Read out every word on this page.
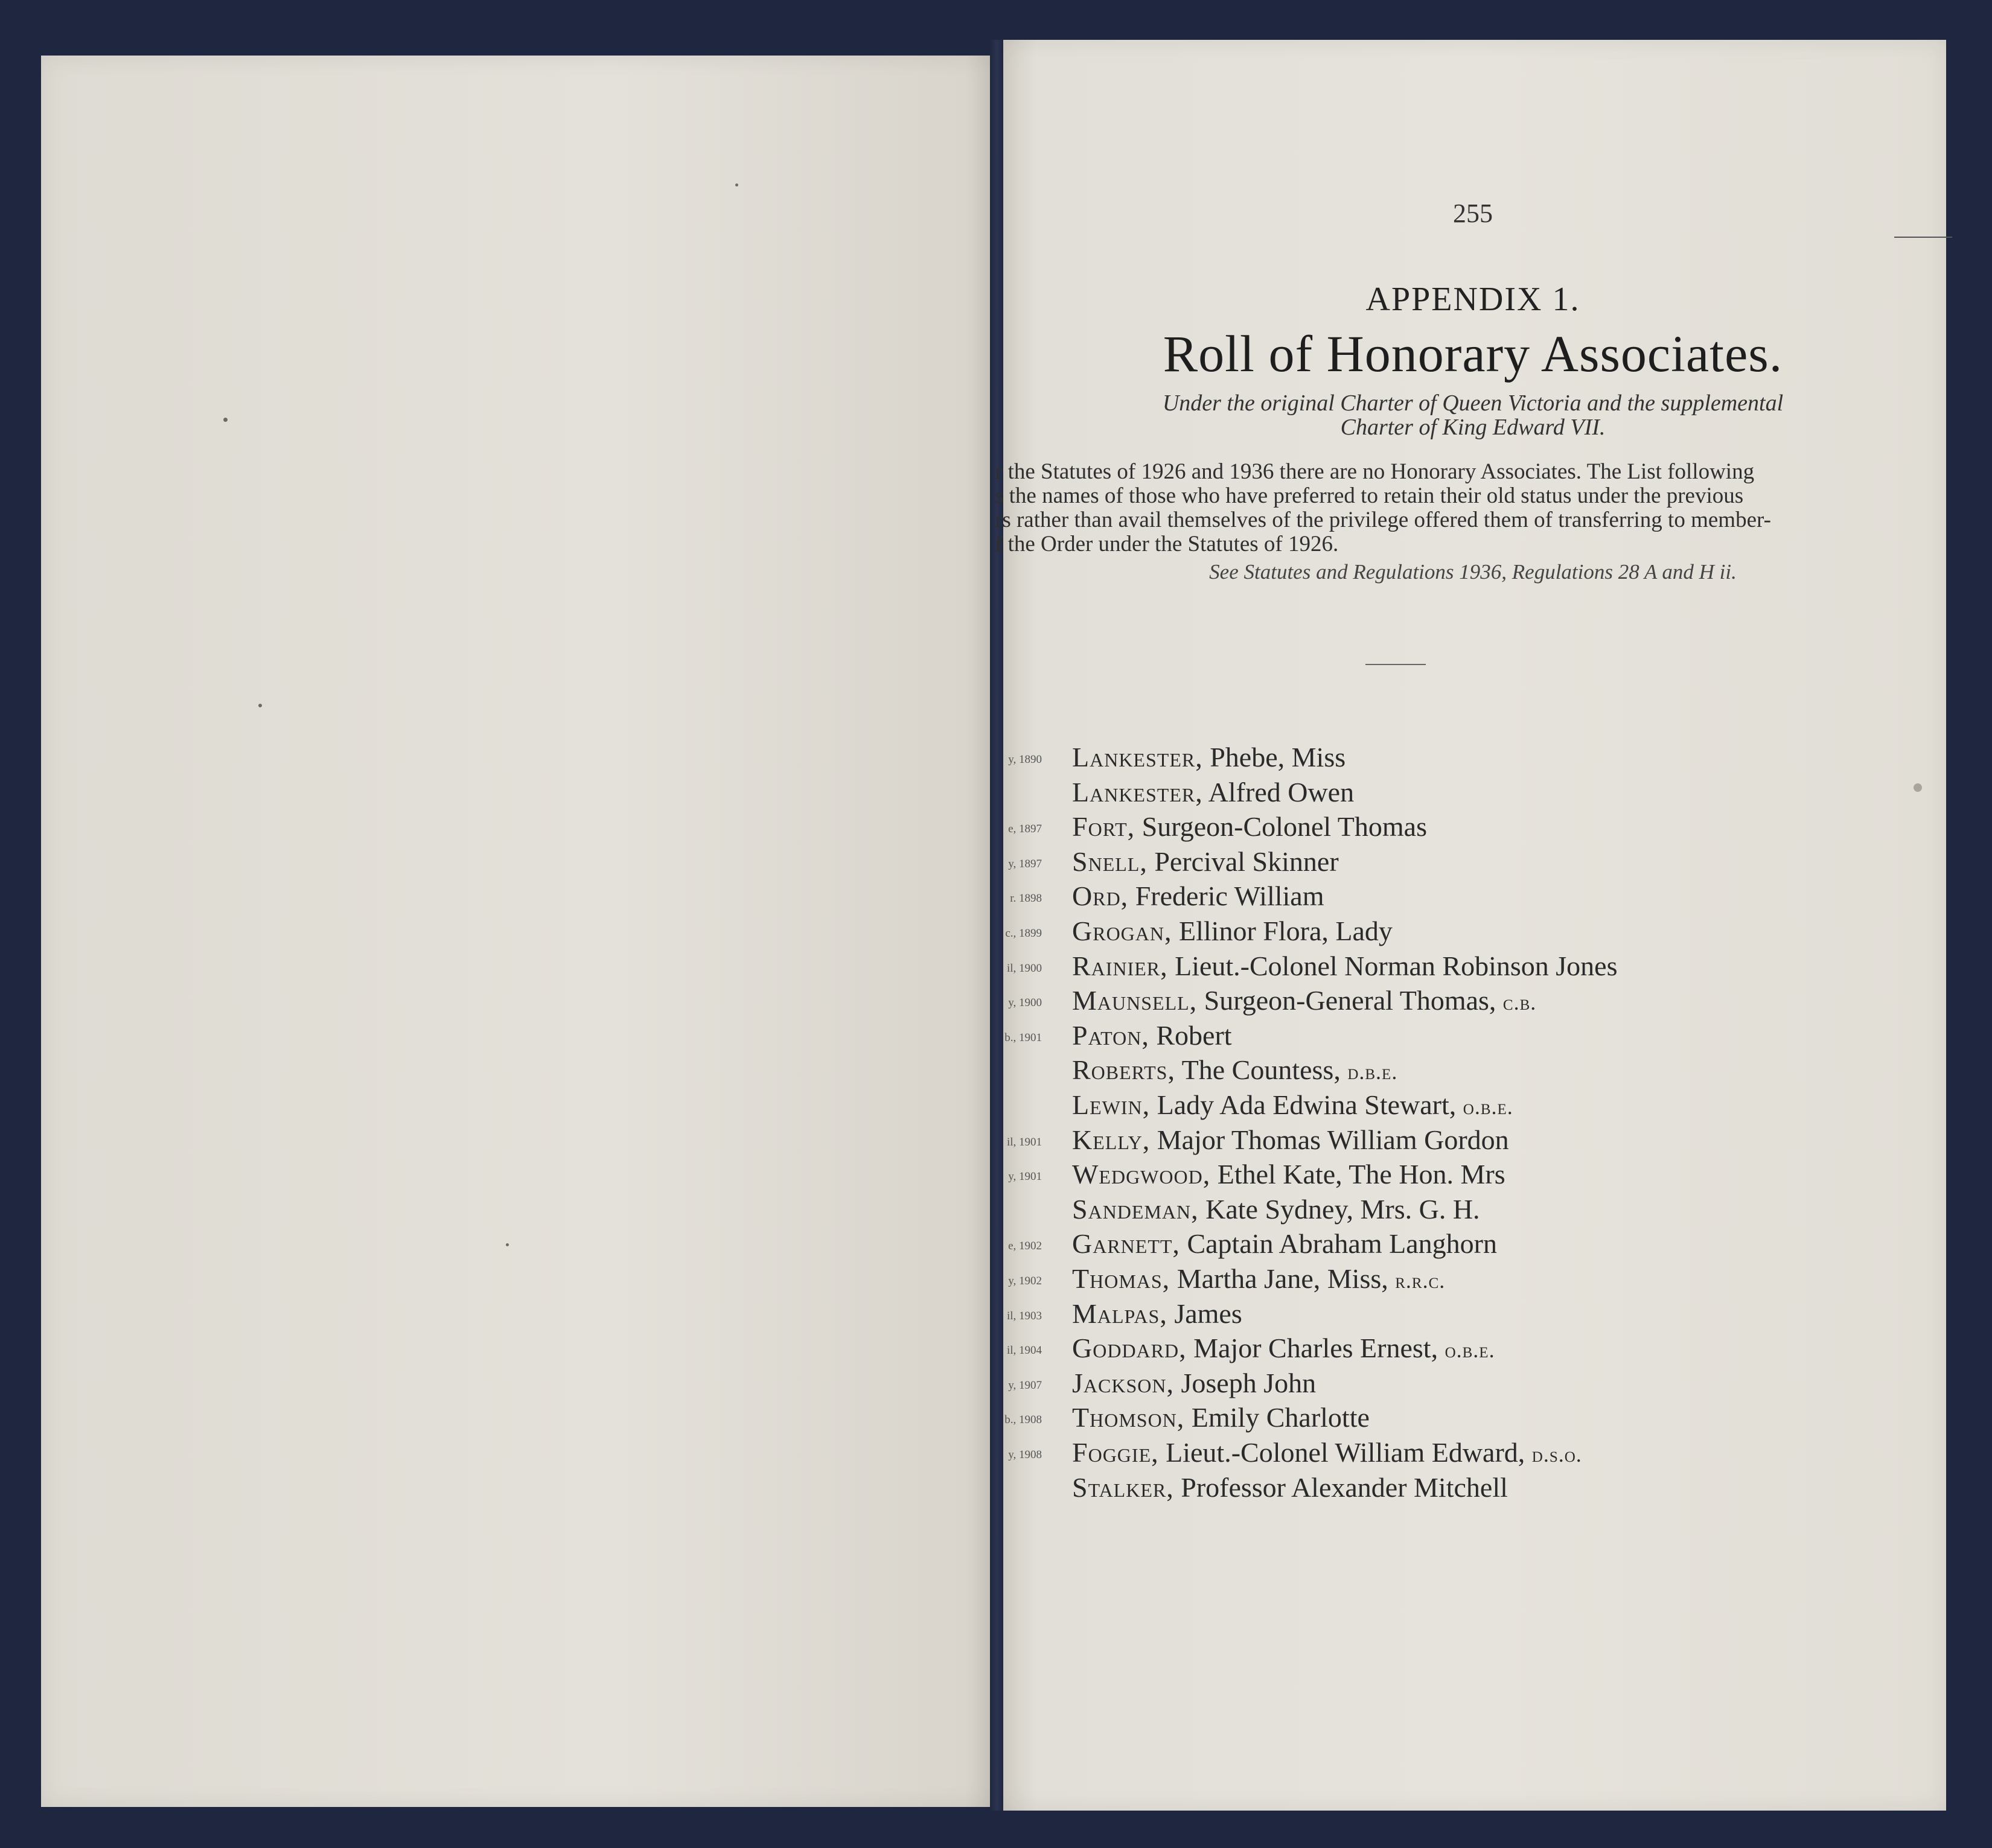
255
APPENDIX 1.
Roll of Honorary Associates.
Under the original Charter of Queen Victoria and the supplemental
Charter of King Edward VII.
r the Statutes of 1926 and 1936 there are no Honorary Associates. The List following
s the names of those who have preferred to retain their old status under the previous
rs rather than avail themselves of the privilege offered them of transferring to member-
f the Order under the Statutes of 1926.
See Statutes and Regulations 1936, Regulations 28 A and H ii.
y, 1890 Lankester, Phebe, Miss
Lankester, Alfred Owen
e, 1897 Fort, Surgeon-Colonel Thomas
y, 1897 Snell, Percival Skinner
r. 1898 Ord, Frederic William
c., 1899 Grogan, Ellinor Flora, Lady
il, 1900 Rainier, Lieut.-Colonel Norman Robinson Jones
y, 1900 Maunsell, Surgeon-General Thomas, c.b.
b., 1901 Paton, Robert
Roberts, The Countess, d.b.e.
Lewin, Lady Ada Edwina Stewart, o.b.e.
il, 1901 Kelly, Major Thomas William Gordon
y, 1901 Wedgwood, Ethel Kate, The Hon. Mrs
Sandeman, Kate Sydney, Mrs. G. H.
e, 1902 Garnett, Captain Abraham Langhorn
y, 1902 Thomas, Martha Jane, Miss, r.r.c.
il, 1903 Malpas, James
il, 1904 Goddard, Major Charles Ernest, o.b.e.
y, 1907 Jackson, Joseph John
b., 1908 Thomson, Emily Charlotte
y, 1908 Foggie, Lieut.-Colonel William Edward, d.s.o.
Stalker, Professor Alexander Mitchell
